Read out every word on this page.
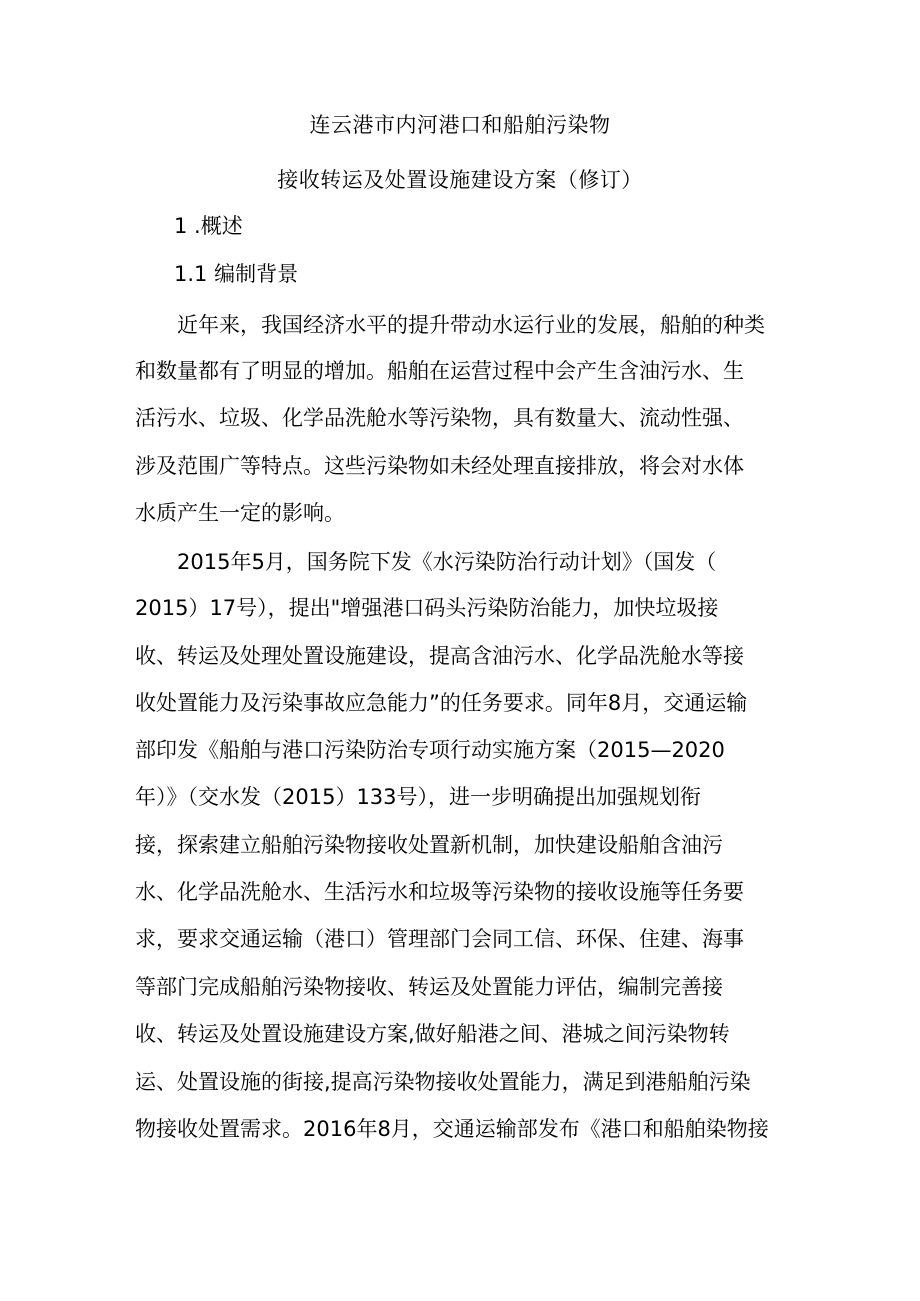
连云港市内河港口和船舶污染物
接收转运及处置设施建设方案（修订）
1 .概述
1.1 编制背景
近年来，我国经济水平的提升带动水运行业的发展，船舶的种类
和数量都有了明显的增加。船舶在运营过程中会产生含油污水、生
活污水、垃圾、化学品洗舱水等污染物，具有数量大、流动性强、
涉及范围广等特点。这些污染物如未经处理直接排放，将会对水体
水质产生一定的影响。
2015年5月，国务院下发《水污染防治行动计划》（国发（
2015）17号），提出"增强港口码头污染防治能力，加快垃圾接
收、转运及处理处置设施建设，提高含油污水、化学品洗舱水等接
收处置能力及污染事故应急能力”的任务要求。同年8月，交通运输
部印发《船舶与港口污染防治专项行动实施方案（2015—2020
年）》（交水发（2015）133号），进一步明确提出加强规划衔
接，探索建立船舶污染物接收处置新机制，加快建设船舶含油污
水、化学品洗舱水、生活污水和垃圾等污染物的接收设施等任务要
求，要求交通运输（港口）管理部门会同工信、环保、住建、海事
等部门完成船舶污染物接收、转运及处置能力评估，编制完善接
收、转运及处置设施建设方案,做好船港之间、港城之间污染物转
运、处置设施的街接,提高污染物接收处置能力，满足到港船舶污染
物接收处置需求。2016年8月，交通运输部发布《港口和船舶染物接
